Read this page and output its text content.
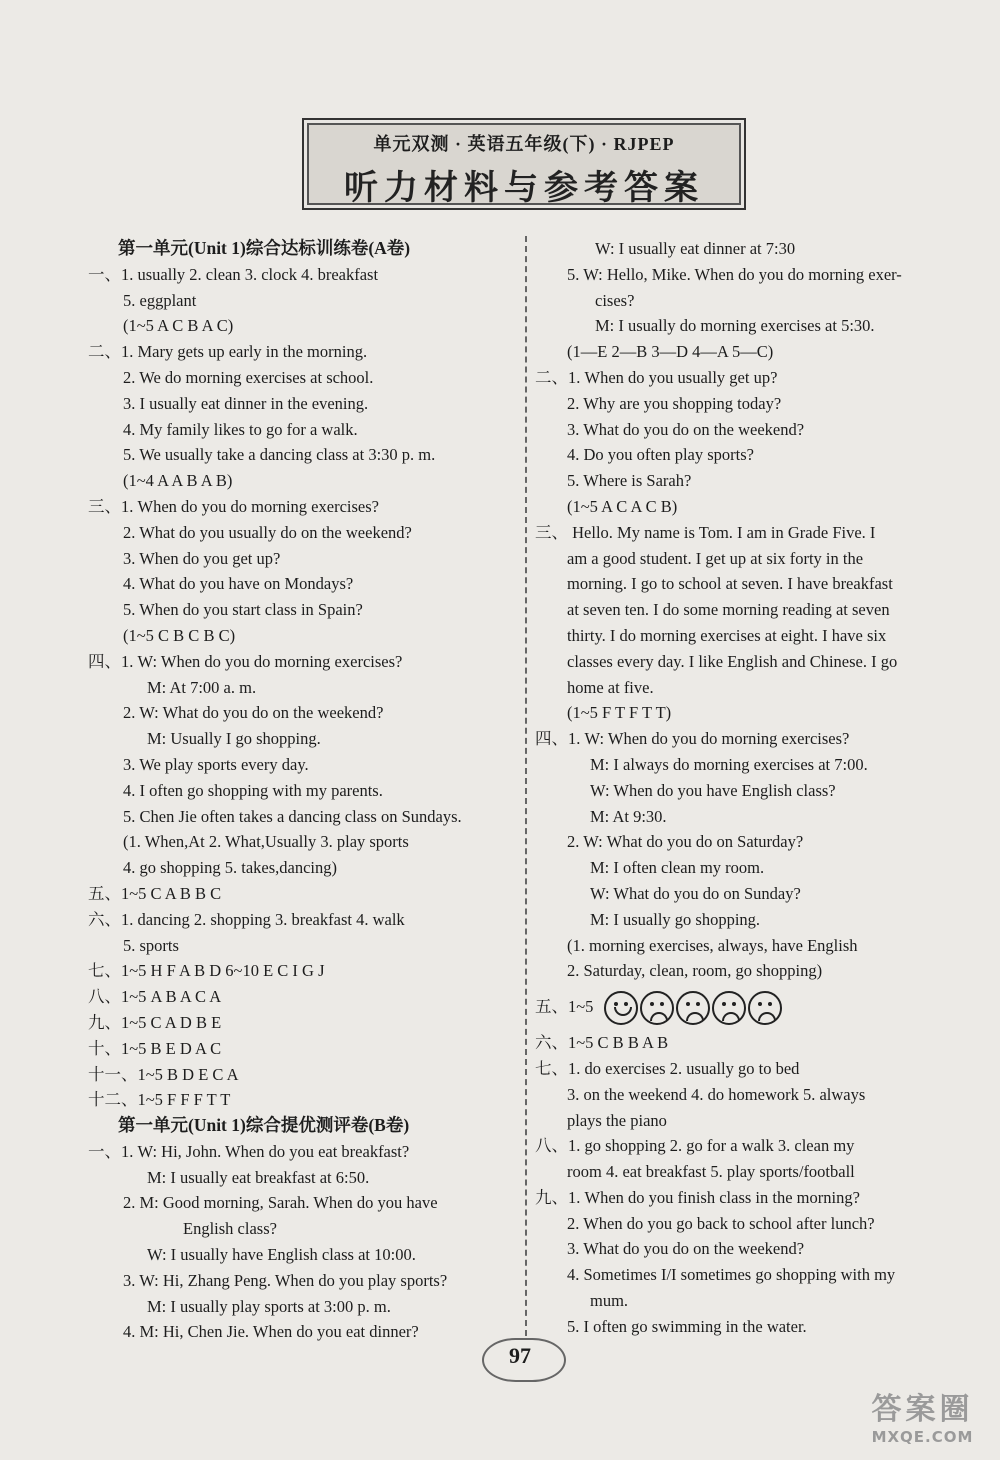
单元双测 · 英语五年级(下) · RJPEP
听力材料与参考答案
第一单元(Unit 1)综合达标训练卷(A卷)
一、1. usually 2. clean 3. clock 4. breakfast
5. eggplant
(1~5 A C B A C)
二、1. Mary gets up early in the morning.
2. We do morning exercises at school.
3. I usually eat dinner in the evening.
4. My family likes to go for a walk.
5. We usually take a dancing class at 3:30 p. m.
(1~4 A A B A B)
三、1. When do you do morning exercises?
2. What do you usually do on the weekend?
3. When do you get up?
4. What do you have on Mondays?
5. When do you start class in Spain?
(1~5 C B C B C)
四、1. W: When do you do morning exercises?
M: At 7:00 a. m.
2. W: What do you do on the weekend?
M: Usually I go shopping.
3. We play sports every day.
4. I often go shopping with my parents.
5. Chen Jie often takes a dancing class on Sundays.
(1. When,At 2. What,Usually 3. play sports
4. go shopping 5. takes,dancing)
五、1~5 C A B B C
六、1. dancing 2. shopping 3. breakfast 4. walk
5. sports
七、1~5 H F A B D 6~10 E C I G J
八、1~5 A B A C A
九、1~5 C A D B E
十、1~5 B E D A C
十一、1~5 B D E C A
十二、1~5 F F F T T
第一单元(Unit 1)综合提优测评卷(B卷)
一、1. W: Hi, John. When do you eat breakfast?
M: I usually eat breakfast at 6:50.
2. M: Good morning, Sarah. When do you have
English class?
W: I usually have English class at 10:00.
3. W: Hi, Zhang Peng. When do you play sports?
M: I usually play sports at 3:00 p. m.
4. M: Hi, Chen Jie. When do you eat dinner?
W: I usually eat dinner at 7:30
5. W: Hello, Mike. When do you do morning exer-
cises?
M: I usually do morning exercises at 5:30.
(1—E 2—B 3—D 4—A 5—C)
二、1. When do you usually get up?
2. Why are you shopping today?
3. What do you do on the weekend?
4. Do you often play sports?
5. Where is Sarah?
(1~5 A C A C B)
三、 Hello. My name is Tom. I am in Grade Five. I
am a good student. I get up at six forty in the
morning. I go to school at seven. I have breakfast
at seven ten. I do some morning reading at seven
thirty. I do morning exercises at eight. I have six
classes every day. I like English and Chinese. I go
home at five.
(1~5 F T F T T)
四、1. W: When do you do morning exercises?
M: I always do morning exercises at 7:00.
W: When do you have English class?
M: At 9:30.
2. W: What do you do on Saturday?
M: I often clean my room.
W: What do you do on Sunday?
M: I usually go shopping.
(1. morning exercises, always, have English
2. Saturday, clean, room, go shopping)
五、1~5
六、1~5 C B B A B
七、1. do exercises 2. usually go to bed
3. on the weekend 4. do homework 5. always
plays the piano
八、1. go shopping 2. go for a walk 3. clean my
room 4. eat breakfast 5. play sports/football
九、1. When do you finish class in the morning?
2. When do you go back to school after lunch?
3. What do you do on the weekend?
4. Sometimes I/I sometimes go shopping with my
mum.
5. I often go swimming in the water.
97
答案圈
MXQE.COM
